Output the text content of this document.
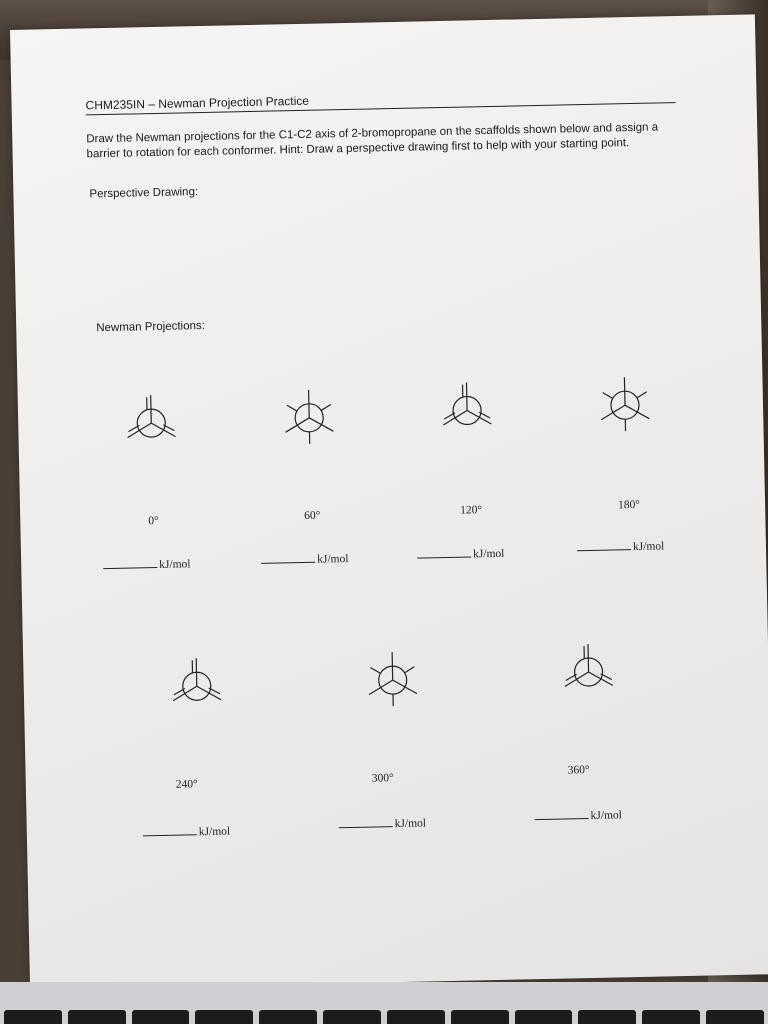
CHM235IN – Newman Projection Practice
Draw the Newman projections for the C1-C2 axis of 2-bromopropane on the scaffolds shown below and assign a barrier to rotation for each conformer. Hint: Draw a perspective drawing first to help with your starting point.
Perspective Drawing:
Newman Projections:
0°	60°	120°	180°
kJ/mol	kJ/mol	kJ/mol
kJ/mol
240°	300°
360°
kJ/mol
kJ/mol
kJ/mol
